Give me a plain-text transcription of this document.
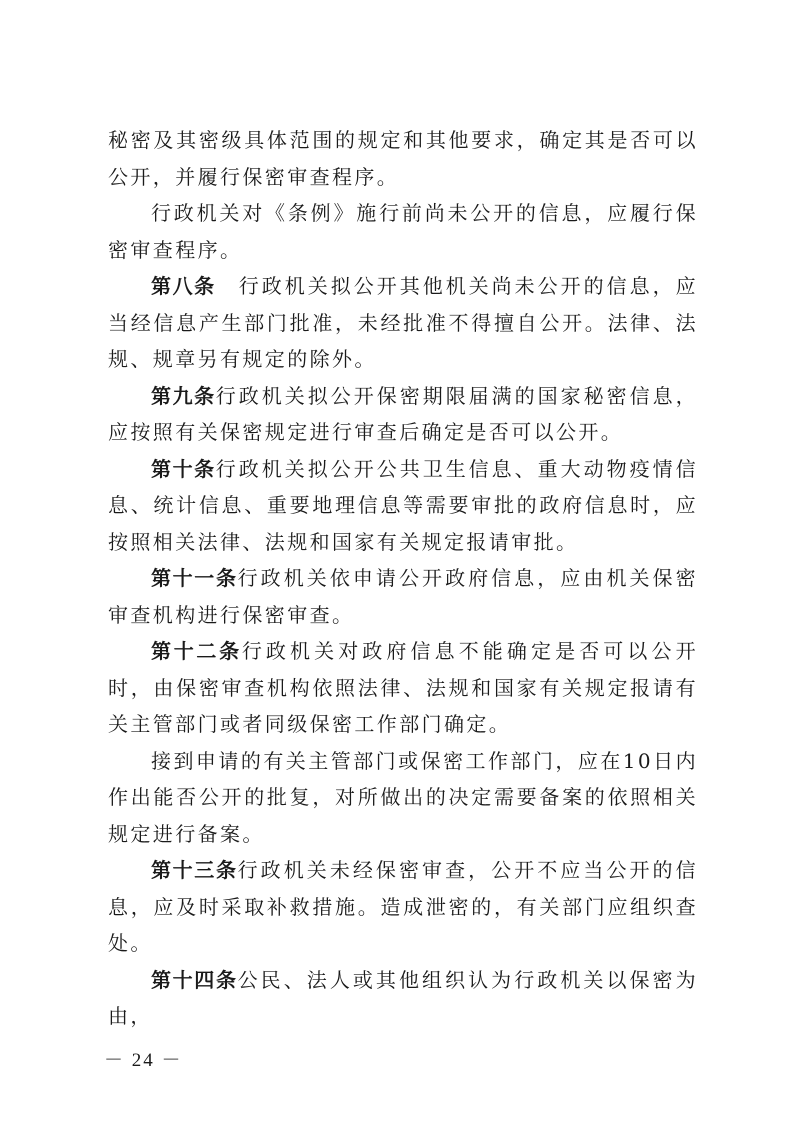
秘密及其密级具体范围的规定和其他要求，确定其是否可以公开，并履行保密审查程序。

行政机关对《条例》施行前尚未公开的信息，应履行保密审查程序。

第八条　行政机关拟公开其他机关尚未公开的信息，应当经信息产生部门批准，未经批准不得擅自公开。法律、法规、规章另有规定的除外。

第九条行政机关拟公开保密期限届满的国家秘密信息，应按照有关保密规定进行审查后确定是否可以公开。

第十条行政机关拟公开公共卫生信息、重大动物疫情信息、统计信息、重要地理信息等需要审批的政府信息时，应按照相关法律、法规和国家有关规定报请审批。

第十一条行政机关依申请公开政府信息，应由机关保密审查机构进行保密审查。

第十二条行政机关对政府信息不能确定是否可以公开时，由保密审查机构依照法律、法规和国家有关规定报请有关主管部门或者同级保密工作部门确定。

接到申请的有关主管部门或保密工作部门，应在10日内作出能否公开的批复，对所做出的决定需要备案的依照相关规定进行备案。

第十三条行政机关未经保密审查，公开不应当公开的信息，应及时采取补救措施。造成泄密的，有关部门应组织查处。

第十四条公民、法人或其他组织认为行政机关以保密为由，

－ 24 －
